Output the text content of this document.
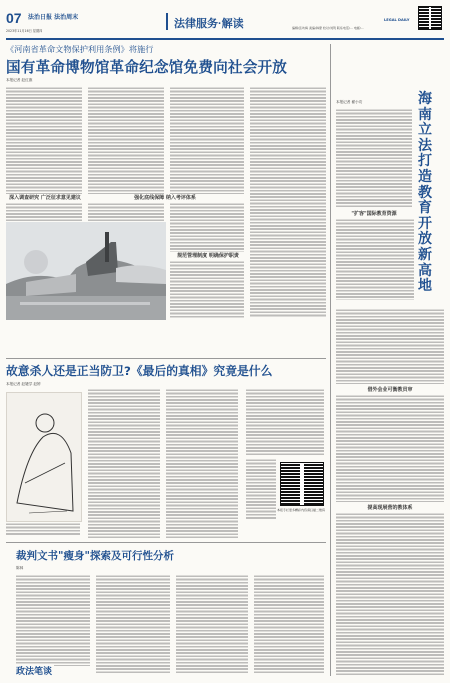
07 法治日报 法治周末
2023年11月16日 星期四
法律服务·解读	LEGAL DAILY
编辑/张幼梅 美编/韩蒙 校对/刘利 联系电话/... 电邮/...
《河南省革命文物保护利用条例》将施行
国有革命博物馆革命纪念馆免费向社会开放
本报记者 赵红旗
深入调查研究 广泛征求意见建议	强化底线保障 纳入考评体系
规范管理制度 明确保护职责
故意杀人还是正当防卫?《最后的真相》究竟是什么
本报记者 赵婕学 赵婷
本报专栏更多精彩内容请扫描二维码
裁判文书"瘦身"探索及可行性分析
陈林
政法笔谈
本报记者 翟小功	海南立法打造教育开放新高地
"扩容"国际教育资源
借外会业可衡教员审
提高现展营的教体系
